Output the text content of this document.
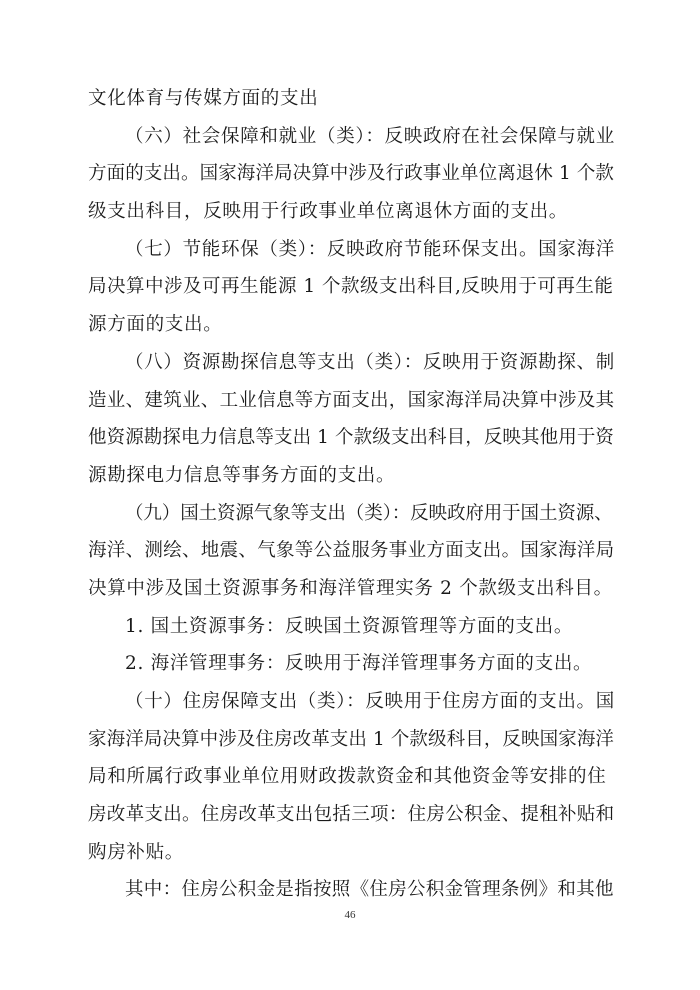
文化体育与传媒方面的支出
（六）社会保障和就业（类）：反映政府在社会保障与就业
方面的支出。国家海洋局决算中涉及行政事业单位离退休 1 个款
级支出科目，反映用于行政事业单位离退休方面的支出。
（七）节能环保（类）：反映政府节能环保支出。国家海洋
局决算中涉及可再生能源 1 个款级支出科目,反映用于可再生能
源方面的支出。
（八）资源勘探信息等支出（类）：反映用于资源勘探、制
造业、建筑业、工业信息等方面支出，国家海洋局决算中涉及其
他资源勘探电力信息等支出 1 个款级支出科目，反映其他用于资
源勘探电力信息等事务方面的支出。
（九）国土资源气象等支出（类）：反映政府用于国土资源、
海洋、测绘、地震、气象等公益服务事业方面支出。国家海洋局
决算中涉及国土资源事务和海洋管理实务 2 个款级支出科目。
1. 国土资源事务：反映国土资源管理等方面的支出。
2. 海洋管理事务：反映用于海洋管理事务方面的支出。
（十）住房保障支出（类）：反映用于住房方面的支出。国
家海洋局决算中涉及住房改革支出 1 个款级科目，反映国家海洋
局和所属行政事业单位用财政拨款资金和其他资金等安排的住
房改革支出。住房改革支出包括三项：住房公积金、提租补贴和
购房补贴。
其中：住房公积金是指按照《住房公积金管理条例》和其他
46
